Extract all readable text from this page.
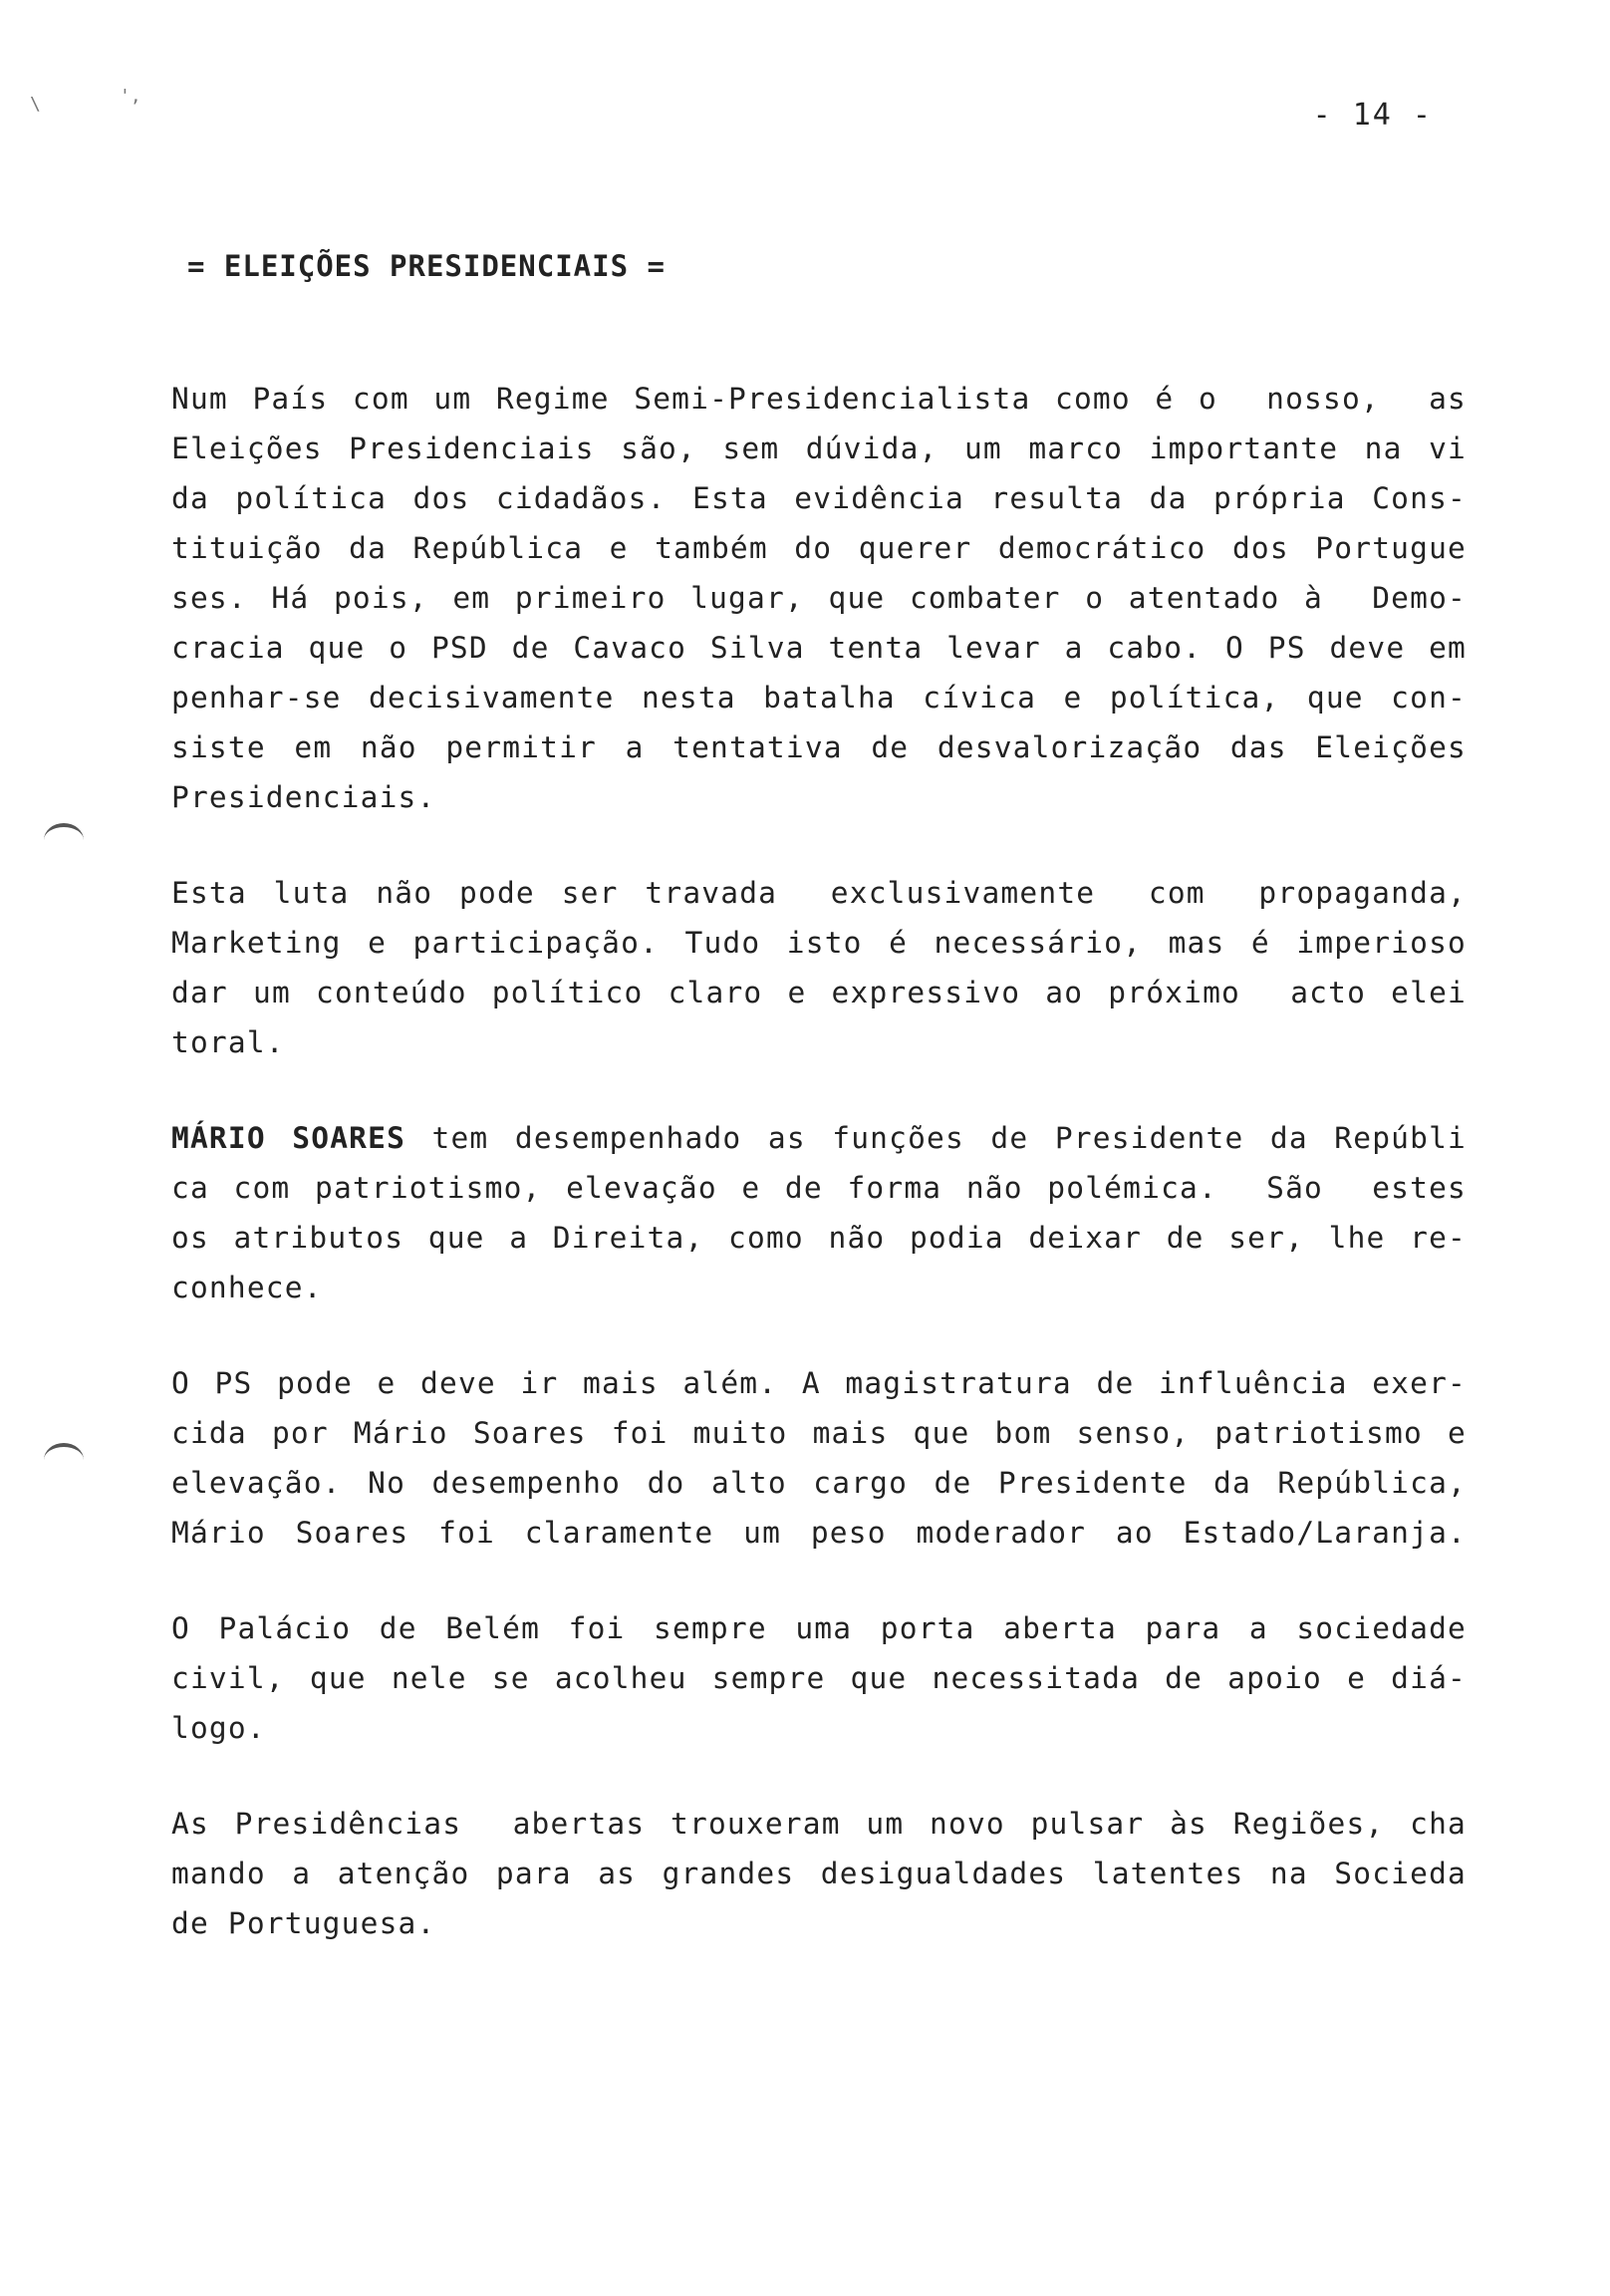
\	',
- 14 -
= ELEIÇÕES PRESIDENCIAIS =
Num País com um Regime Semi-Presidencialista como é o  nosso,  as
Eleições Presidenciais são, sem dúvida, um marco importante na vi
da política dos cidadãos. Esta evidência resulta da própria Cons-
tituição da República e também do querer democrático dos Portugue
ses. Há pois, em primeiro lugar, que combater o atentado à  Demo-
cracia que o PSD de Cavaco Silva tenta levar a cabo. O PS deve em
penhar-se decisivamente nesta batalha cívica e política, que con-
siste em não permitir a tentativa de desvalorização das Eleições
Presidenciais.
Esta luta não pode ser travada  exclusivamente  com  propaganda,
Marketing e participação. Tudo isto é necessário, mas é imperioso
dar um conteúdo político claro e expressivo ao próximo  acto elei
toral.
MÁRIO SOARES tem desempenhado as funções de Presidente da Repúbli
ca com patriotismo, elevação e de forma não polémica.  São  estes
os atributos que a Direita, como não podia deixar de ser, lhe re-
conhece.
O PS pode e deve ir mais além. A magistratura de influência exer-
cida por Mário Soares foi muito mais que bom senso, patriotismo e
elevação. No desempenho do alto cargo de Presidente da República,
Mário Soares foi claramente um peso moderador ao Estado/Laranja.
O Palácio de Belém foi sempre uma porta aberta para a sociedade
civil, que nele se acolheu sempre que necessitada de apoio e diá-
logo.
As Presidências  abertas trouxeram um novo pulsar às Regiões, cha
mando a atenção para as grandes desigualdades latentes na Socieda
de Portuguesa.
